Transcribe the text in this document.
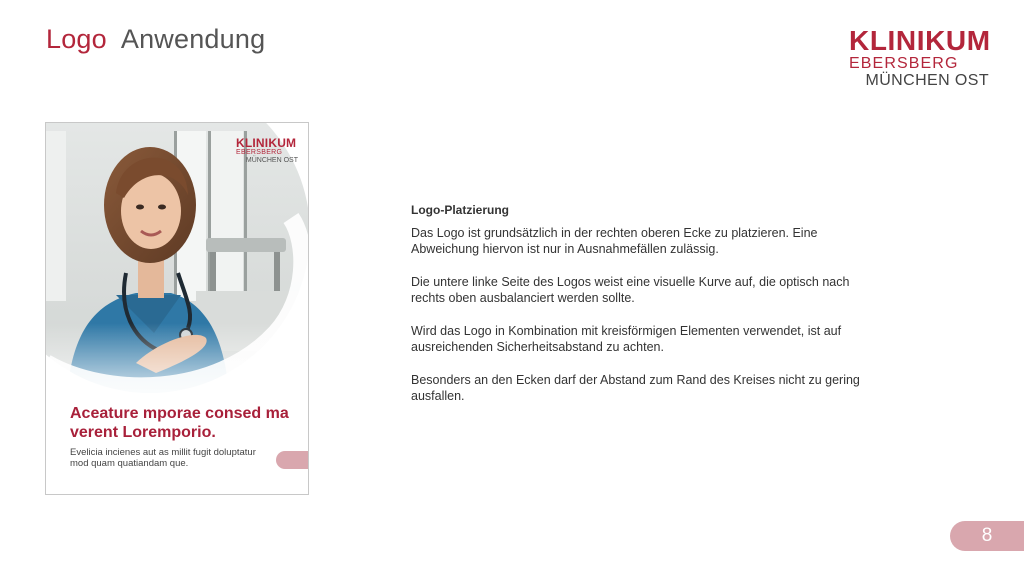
Logo Anwendung	KLINIKUM
EBERSBERG
MÜNCHEN OST
KLINIKUM
EBERSBERG
MÜNCHEN OST
Aceature mporae consed ma verent Loremporio.
Evelicia incienes aut as millit fugit doluptatur mod quam quatiandam que.
Logo-Platzierung

Das Logo ist grundsätzlich in der rechten oberen Ecke zu platzieren. Eine Abweichung hiervon ist nur in Ausnahmefällen zulässig.

Die untere linke Seite des Logos weist eine visuelle Kurve auf, die optisch nach rechts oben ausbalanciert werden sollte.

Wird das Logo in Kombination mit kreisförmigen Elementen verwendet, ist auf ausreichenden Sicherheitsabstand zu achten.

Besonders an den Ecken darf der Abstand zum Rand des Kreises nicht zu gering ausfallen.

8
